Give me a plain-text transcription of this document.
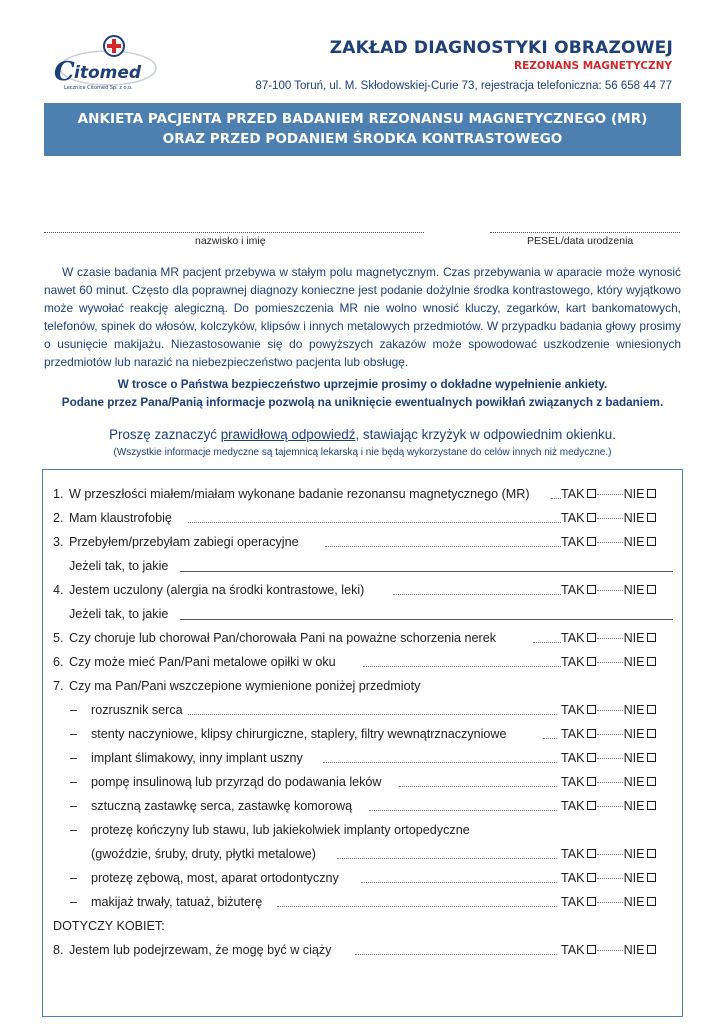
C itomed
Lecznice Citomed Sp. z o.o.
ZAKŁAD DIAGNOSTYKI OBRAZOWEJ
REZONANS MAGNETYCZNY
87-100 Toruń, ul. M. Skłodowskiej-Curie 73, rejestracja telefoniczna: 56 658 44 77
ANKIETA PACJENTA PRZED BADANIEM REZONANSU MAGNETYCZNEGO (MR)
ORAZ PRZED PODANIEM ŚRODKA KONTRASTOWEGO
nazwisko i imię	PESEL/data urodzenia

W czasie badania MR pacjent przebywa w stałym polu magnetycznym. Czas przebywania w aparacie może wynosić nawet 60 minut. Często dla poprawnej diagnozy konieczne jest podanie dożylnie środka kontrastowego, który wyjątkowo może wywołać reakcję alegiczną. Do pomieszczenia MR nie wolno wnosić kluczy, zegarków, kart bankomatowych, telefonów, spinek do włosów, kolczyków, klipsów i innych metalowych przedmiotów. W przypadku badania głowy prosimy o usunięcie makijażu. Niezastosowanie się do powyższych zakazów może spowodować uszkodzenie wniesionych przedmiotów lub narazić na niebezpieczeństwo pacjenta lub obsługę.

W trosce o Państwa bezpieczeństwo uprzejmie prosimy o dokładne wypełnienie ankiety.
Podane przez Pana/Panią informacje pozwolą na uniknięcie ewentualnych powikłań związanych z badaniem.
Proszę zaznaczyć prawidłową odpowiedź, stawiając krzyżyk w odpowiednim okienku.
(Wszystkie informacje medyczne są tajemnicą lekarską i nie będą wykorzystane do celów innych niż medyczne.)
1. W przeszłości miałem/miałam wykonane badanie rezonansu magnetycznego (MR) TAK	NIE
2. Mam klaustrofobię	TAK	NIE
3. Przebyłem/przebyłam zabiegi operacyjne	TAK	NIE
Jeżeli tak, to jakie
4. Jestem uczulony (alergia na środki kontrastowe, leki)	TAK	NIE
Jeżeli tak, to jakie
5. Czy choruje lub chorował Pan/chorowała Pani na poważne schorzenia nerek	TAK	NIE
6. Czy może mieć Pan/Pani metalowe opiłki w oku	TAK	NIE
7. Czy ma Pan/Pani wszczepione wymienione poniżej przedmioty
– rozrusznik serca	TAK	NIE
– stenty naczyniowe, klipsy chirurgiczne, staplery, filtry wewnątrznaczyniowe	TAK	NIE
– implant ślimakowy, inny implant uszny	TAK	NIE
– pompę insulinową lub przyrząd do podawania leków	TAK	NIE
– sztuczną zastawkę serca, zastawkę komorową	TAK	NIE
– protezę kończyny lub stawu, lub jakiekolwiek implanty ortopedyczne
(gwoździe, śruby, druty, płytki metalowe)	TAK	NIE
– protezę zębową, most, aparat ortodontyczny	TAK	NIE
– makijaż trwały, tatuaż, biżuterę	TAK	NIE
DOTYCZY KOBIET:
8. Jestem lub podejrzewam, że mogę być w ciąży	TAK	NIE
